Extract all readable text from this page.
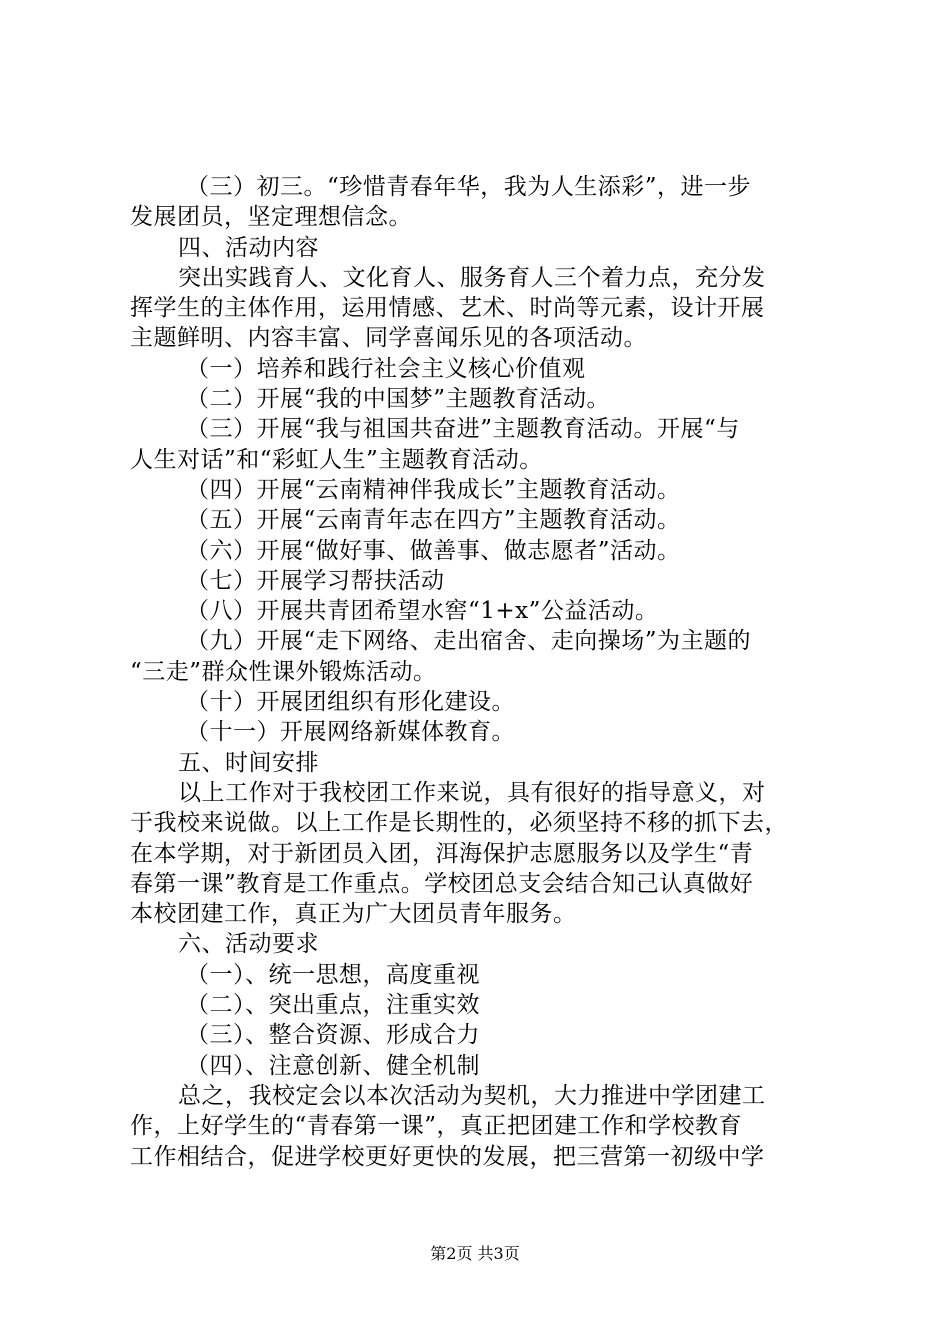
（三）初三。“珍惜青春年华，我为人生添彩”，进一步
发展团员，坚定理想信念。
四、活动内容
突出实践育人、文化育人、服务育人三个着力点，充分发
挥学生的主体作用，运用情感、艺术、时尚等元素，设计开展
主题鲜明、内容丰富、同学喜闻乐见的各项活动。
（一）培养和践行社会主义核心价值观
（二）开展“我的中国梦”主题教育活动。
（三）开展“我与祖国共奋进”主题教育活动。开展“与
人生对话”和“彩虹人生”主题教育活动。
（四）开展“云南精神伴我成长”主题教育活动。
（五）开展“云南青年志在四方”主题教育活动。
（六）开展“做好事、做善事、做志愿者”活动。
（七）开展学习帮扶活动
（八）开展共青团希望水窖“1+x”公益活动。
（九）开展“走下网络、走出宿舍、走向操场”为主题的
“三走”群众性课外锻炼活动。
（十）开展团组织有形化建设。
（十一）开展网络新媒体教育。
五、时间安排
以上工作对于我校团工作来说，具有很好的指导意义，对
于我校来说做。以上工作是长期性的，必须坚持不移的抓下去，
在本学期，对于新团员入团，洱海保护志愿服务以及学生“青
春第一课”教育是工作重点。学校团总支会结合知己认真做好
本校团建工作，真正为广大团员青年服务。
六、活动要求
（一）、统一思想，高度重视
（二）、突出重点，注重实效
（三）、整合资源、形成合力
（四）、注意创新、健全机制
总之，我校定会以本次活动为契机，大力推进中学团建工
作，上好学生的“青春第一课”，真正把团建工作和学校教育
工作相结合，促进学校更好更快的发展，把三营第一初级中学
第2页 共3页
